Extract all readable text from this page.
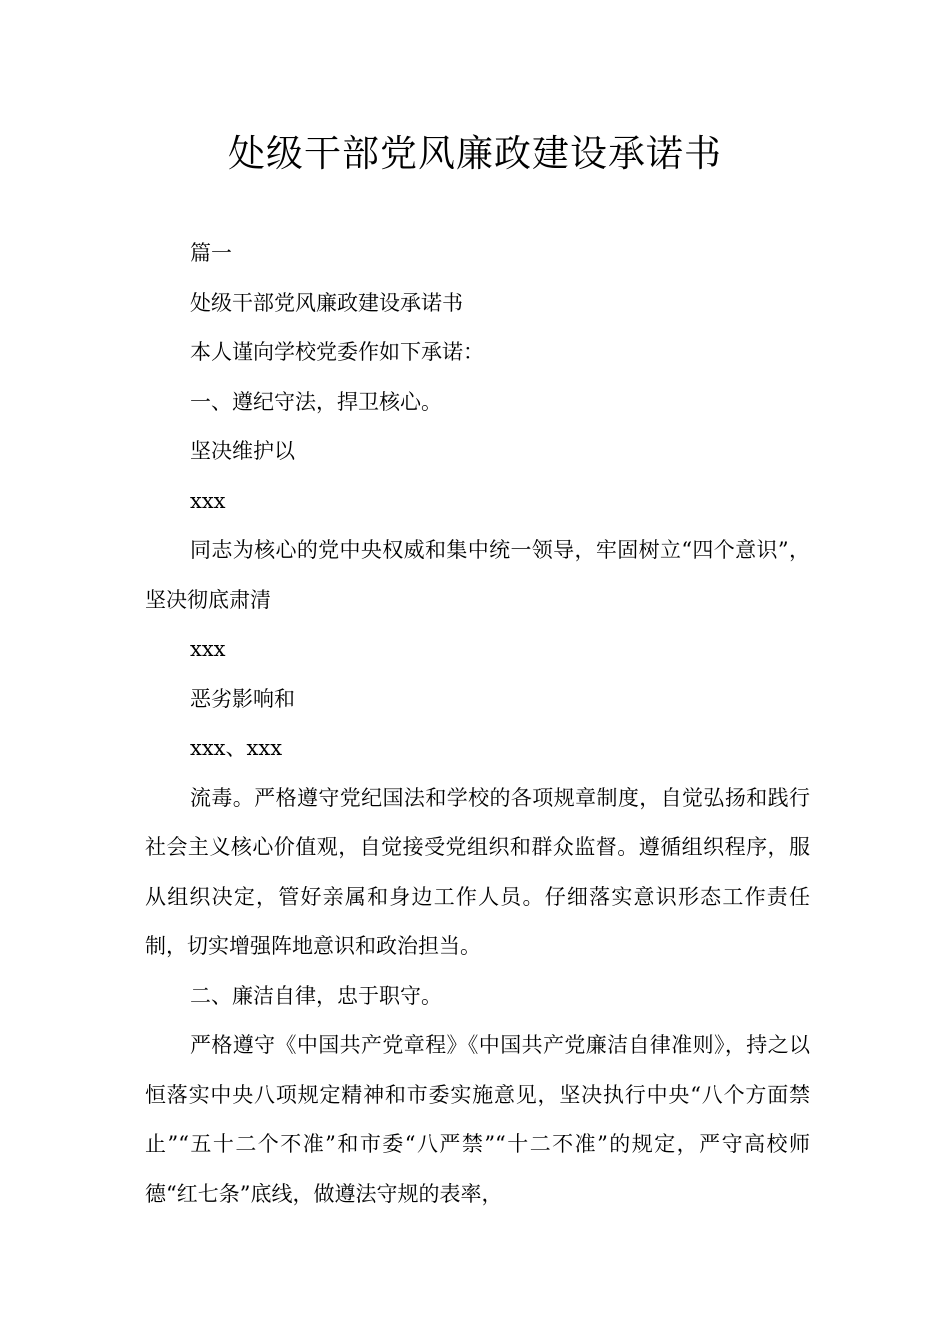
处级干部党风廉政建设承诺书

篇一

处级干部党风廉政建设承诺书

本人谨向学校党委作如下承诺：

一、遵纪守法，捍卫核心。

坚决维护以

xxx

同志为核心的党中央权威和集中统一领导，牢固树立“四个意识”，坚决彻底肃清

xxx

恶劣影响和

xxx、xxx

流毒。严格遵守党纪国法和学校的各项规章制度，自觉弘扬和践行社会主义核心价值观，自觉接受党组织和群众监督。遵循组织程序，服从组织决定，管好亲属和身边工作人员。仔细落实意识形态工作责任制，切实增强阵地意识和政治担当。

二、廉洁自律，忠于职守。

严格遵守《中国共产党章程》《中国共产党廉洁自律准则》，持之以恒落实中央八项规定精神和市委实施意见，坚决执行中央“八个方面禁止”“五十二个不准”和市委“八严禁”“十二不准”的规定，严守高校师德“红七条”底线，做遵法守规的表率，
